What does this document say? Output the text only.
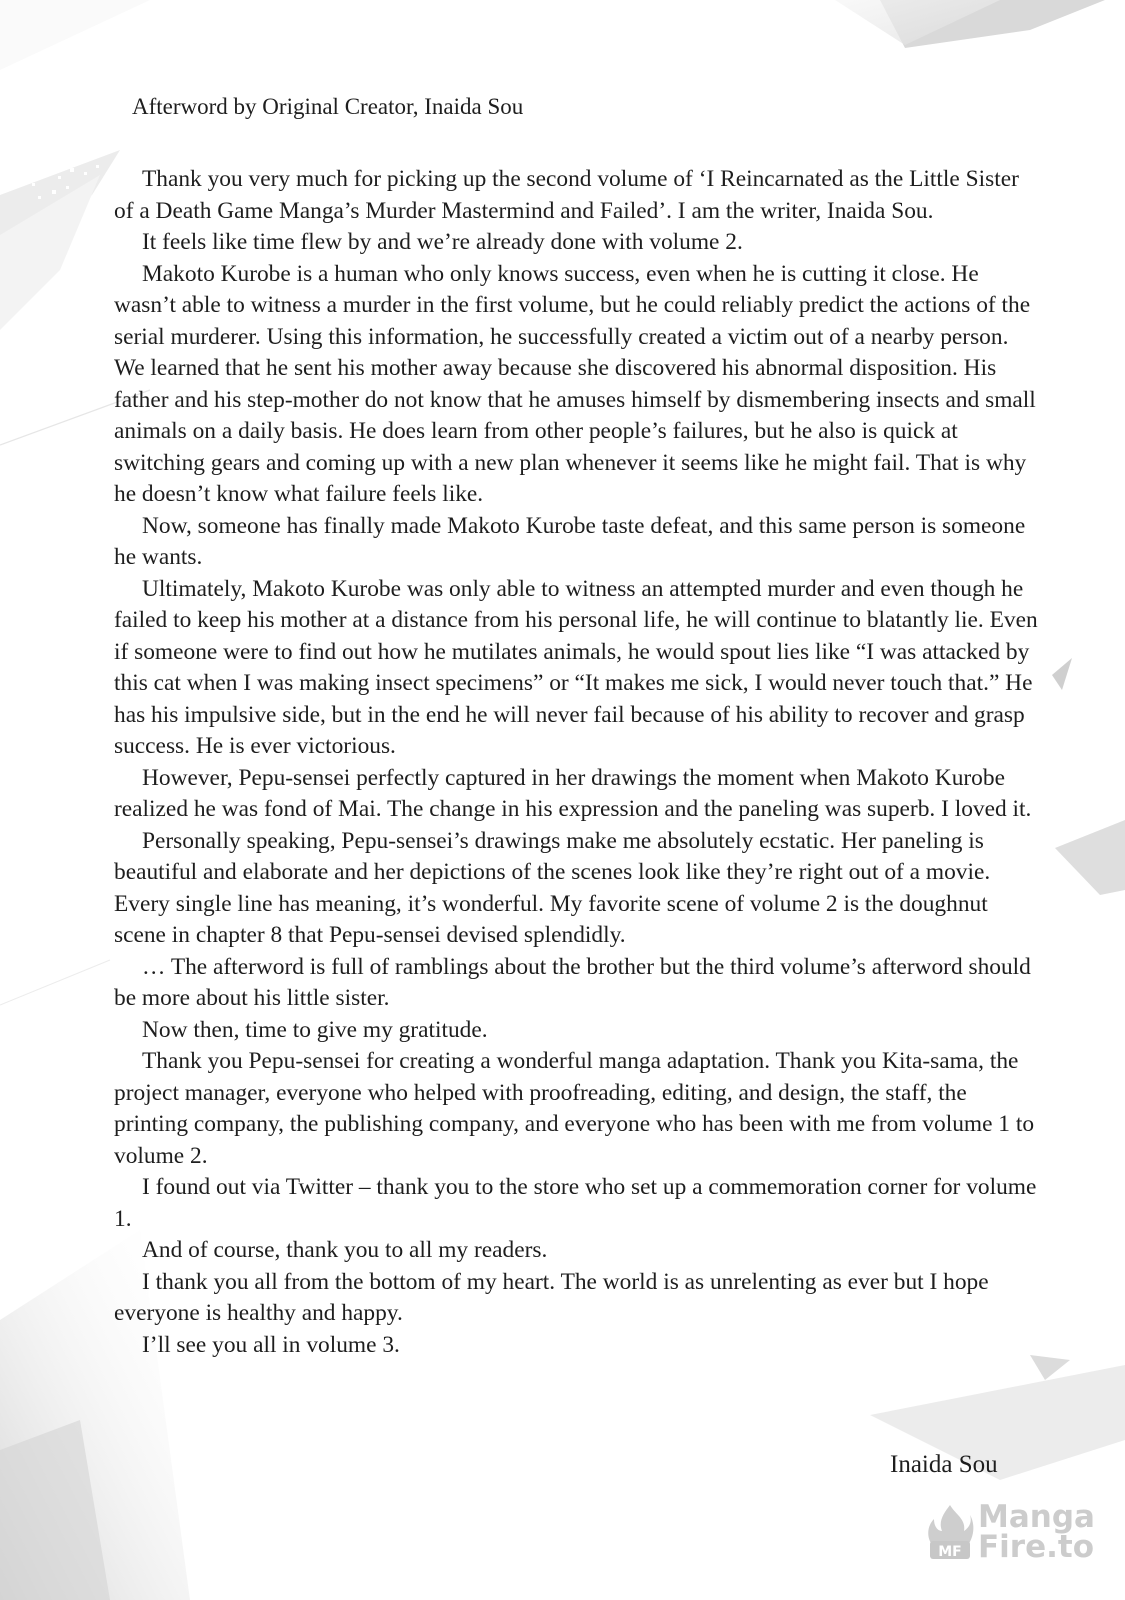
Afterword by Original Creator, Inaida Sou

Thank you very much for picking up the second volume of ‘I Reincarnated as the Little Sister of a Death Game Manga’s Murder Mastermind and Failed’. I am the writer, Inaida Sou.

It feels like time flew by and we’re already done with volume 2.

Makoto Kurobe is a human who only knows success, even when he is cutting it close. He wasn’t able to witness a murder in the first volume, but he could reliably predict the actions of the serial murderer. Using this information, he successfully created a victim out of a nearby person. We learned that he sent his mother away because she discovered his abnormal disposition. His father and his step-mother do not know that he amuses himself by dismembering insects and small animals on a daily basis. He does learn from other people’s failures, but he also is quick at switching gears and coming up with a new plan whenever it seems like he might fail. That is why he doesn’t know what failure feels like.

Now, someone has finally made Makoto Kurobe taste defeat, and this same person is someone he wants.

Ultimately, Makoto Kurobe was only able to witness an attempted murder and even though he failed to keep his mother at a distance from his personal life, he will continue to blatantly lie. Even if someone were to find out how he mutilates animals, he would spout lies like “I was attacked by this cat when I was making insect specimens” or “It makes me sick, I would never touch that.” He has his impulsive side, but in the end he will never fail because of his ability to recover and grasp success. He is ever victorious.

However, Pepu-sensei perfectly captured in her drawings the moment when Makoto Kurobe realized he was fond of Mai. The change in his expression and the paneling was superb. I loved it.

Personally speaking, Pepu-sensei’s drawings make me absolutely ecstatic. Her paneling is beautiful and elaborate and her depictions of the scenes look like they’re right out of a movie. Every single line has meaning, it’s wonderful. My favorite scene of volume 2 is the doughnut scene in chapter 8 that Pepu-sensei devised splendidly.

… The afterword is full of ramblings about the brother but the third volume’s afterword should be more about his little sister.

Now then, time to give my gratitude.

Thank you Pepu-sensei for creating a wonderful manga adaptation. Thank you Kita-sama, the project manager, everyone who helped with proofreading, editing, and design, the staff, the printing company, the publishing company, and everyone who has been with me from volume 1 to volume 2.

I found out via Twitter – thank you to the store who set up a commemoration corner for volume 1.

And of course, thank you to all my readers.

I thank you all from the bottom of my heart. The world is as unrelenting as ever but I hope everyone is healthy and happy.

I’ll see you all in volume 3.

Inaida Sou
MF
Manga
Fire.to
